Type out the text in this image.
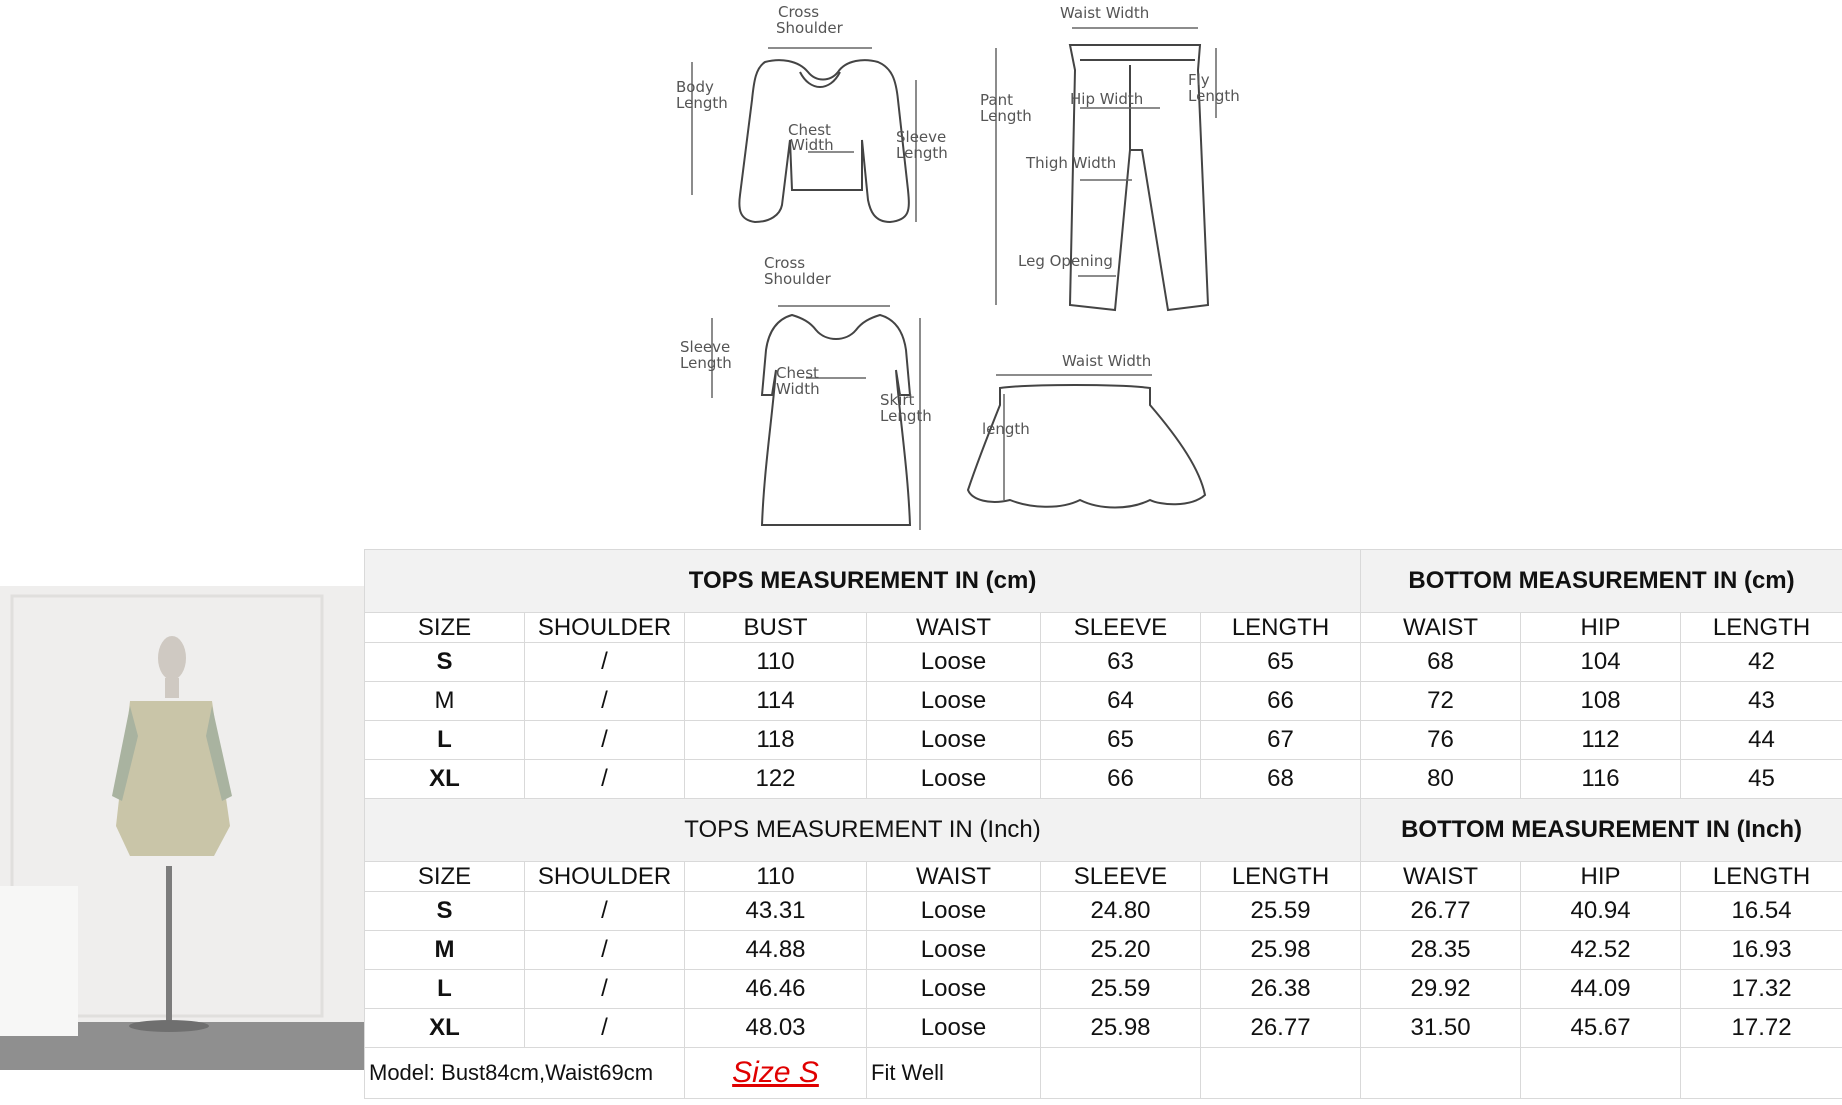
Cross
Shoulder
Body
Length
Chest
Width	Sleeve
Length
Waist Width
Pant
Length
Hip Width
Fly
Length
Thigh Width
Leg Opening
Cross
Shoulder
Sleeve
Length
Chest
Width
Skirt
Length
Waist Width
length
TOPS MEASUREMENT IN (cm)						BOTTOM MEASUREMENT IN (cm)		
SIZE	SHOULDER	BUST	WAIST	SLEEVE	LENGTH	WAIST	HIP	LENGTH
S	/	110	Loose	63	65	68	104	42
M	/	114	Loose	64	66	72	108	43
L	/	118	Loose	65	67	76	112	44
XL	/	122	Loose	66	68	80	116	45
TOPS MEASUREMENT IN (Inch)						BOTTOM MEASUREMENT IN (Inch)		
SIZE	SHOULDER	110	WAIST	SLEEVE	LENGTH	WAIST	HIP	LENGTH
S	/	43.31	Loose	24.80	25.59	26.77	40.94	16.54
M	/	44.88	Loose	25.20	25.98	28.35	42.52	16.93
L	/	46.46	Loose	25.59	26.38	29.92	44.09	17.32
XL	/	48.03	Loose	25.98	26.77	31.50	45.67	17.72
Model: Bust84cm,Waist69cm		Size S	Fit Well					
